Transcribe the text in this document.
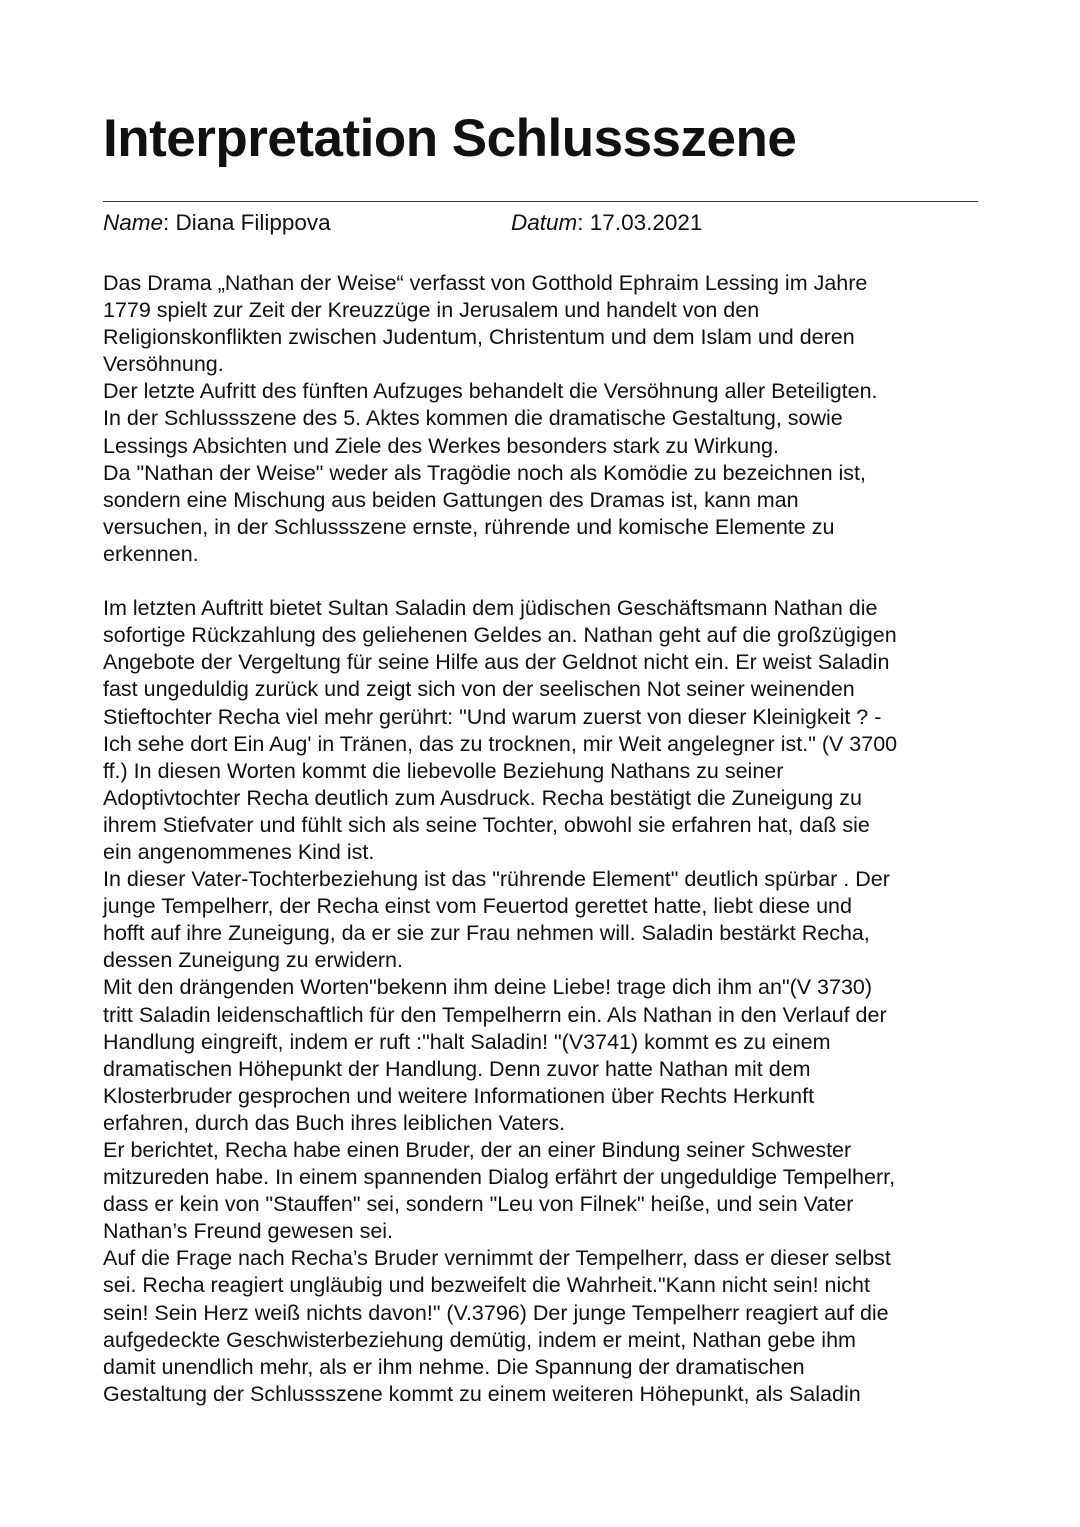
Interpretation Schlussszene
Name: Diana Filippova	Datum: 17.03.2021
Das Drama „Nathan der Weise“ verfasst von Gotthold Ephraim Lessing im Jahre
1779 spielt zur Zeit der Kreuzzüge in Jerusalem und handelt von den
Religionskonflikten zwischen Judentum, Christentum und dem Islam und deren
Versöhnung.
Der letzte Aufritt des fünften Aufzuges behandelt die Versöhnung aller Beteiligten.
In der Schlussszene des 5. Aktes kommen die dramatische Gestaltung, sowie
Lessings Absichten und Ziele des Werkes besonders stark zu Wirkung.
Da "Nathan der Weise" weder als Tragödie noch als Komödie zu bezeichnen ist,
sondern eine Mischung aus beiden Gattungen des Dramas ist, kann man
versuchen, in der Schlussszene ernste, rührende und komische Elemente zu
erkennen.
Im letzten Auftritt bietet Sultan Saladin dem jüdischen Geschäftsmann Nathan die
sofortige Rückzahlung des geliehenen Geldes an. Nathan geht auf die großzügigen
Angebote der Vergeltung für seine Hilfe aus der Geldnot nicht ein. Er weist Saladin
fast ungeduldig zurück und zeigt sich von der seelischen Not seiner weinenden
Stieftochter Recha viel mehr gerührt: "Und warum zuerst von dieser Kleinigkeit ? -
Ich sehe dort Ein Aug' in Tränen, das zu trocknen, mir Weit angelegner ist." (V 3700
ff.) In diesen Worten kommt die liebevolle Beziehung Nathans zu seiner
Adoptivtochter Recha deutlich zum Ausdruck. Recha bestätigt die Zuneigung zu
ihrem Stiefvater und fühlt sich als seine Tochter, obwohl sie erfahren hat, daß sie
ein angenommenes Kind ist.
In dieser Vater-Tochterbeziehung ist das "rührende Element" deutlich spürbar . Der
junge Tempelherr, der Recha einst vom Feuertod gerettet hatte, liebt diese und
hofft auf ihre Zuneigung, da er sie zur Frau nehmen will. Saladin bestärkt Recha,
dessen Zuneigung zu erwidern.
Mit den drängenden Worten"bekenn ihm deine Liebe! trage dich ihm an"(V 3730)
tritt Saladin leidenschaftlich für den Tempelherrn ein. Als Nathan in den Verlauf der
Handlung eingreift, indem er ruft :"halt Saladin! "(V3741) kommt es zu einem
dramatischen Höhepunkt der Handlung. Denn zuvor hatte Nathan mit dem
Klosterbruder gesprochen und weitere Informationen über Rechts Herkunft
erfahren, durch das Buch ihres leiblichen Vaters.
Er berichtet, Recha habe einen Bruder, der an einer Bindung seiner Schwester
mitzureden habe. In einem spannenden Dialog erfährt der ungeduldige Tempelherr,
dass er kein von "Stauffen" sei, sondern "Leu von Filnek" heiße, und sein Vater
Nathan’s Freund gewesen sei.
Auf die Frage nach Recha’s Bruder vernimmt der Tempelherr, dass er dieser selbst
sei. Recha reagiert ungläubig und bezweifelt die Wahrheit."Kann nicht sein! nicht
sein! Sein Herz weiß nichts davon!" (V.3796) Der junge Tempelherr reagiert auf die
aufgedeckte Geschwisterbeziehung demütig, indem er meint, Nathan gebe ihm
damit unendlich mehr, als er ihm nehme. Die Spannung der dramatischen
Gestaltung der Schlussszene kommt zu einem weiteren Höhepunkt, als Saladin
